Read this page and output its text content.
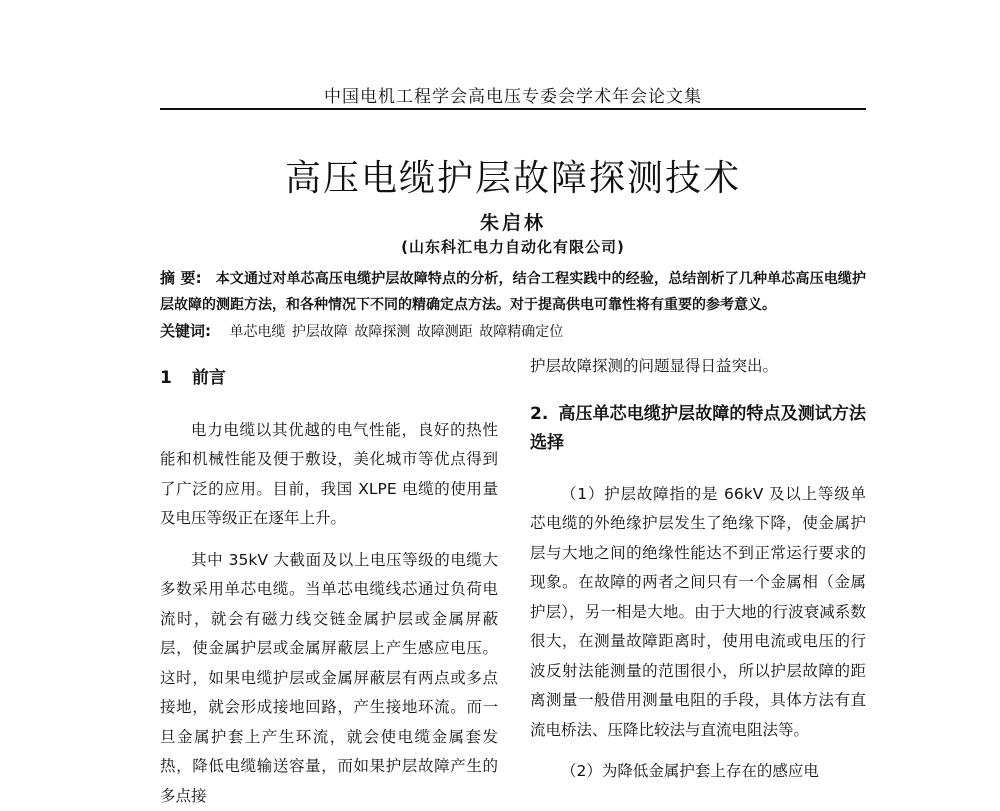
中国电机工程学会高电压专委会学术年会论文集
高压电缆护层故障探测技术
朱启林
(山东科汇电力自动化有限公司)

摘 要: 本文通过对单芯高压电缆护层故障特点的分析，结合工程实践中的经验，总结剖析了几种单芯高压电缆护层故障的测距方法，和各种情况下不同的精确定点方法。对于提高供电可靠性将有重要的参考意义。

关键词: 单芯电缆 护层故障 故障探测 故障测距 故障精确定位

1 前言

电力电缆以其优越的电气性能，良好的热性能和机械性能及便于敷设，美化城市等优点得到了广泛的应用。目前，我国 XLPE 电缆的使用量及电压等级正在逐年上升。

其中 35kV 大截面及以上电压等级的电缆大多数采用单芯电缆。当单芯电缆线芯通过负荷电流时，就会有磁力线交链金属护层或金属屏蔽层，使金属护层或金属屏蔽层上产生感应电压。这时，如果电缆护层或金属屏蔽层有两点或多点接地，就会形成接地回路，产生接地环流。而一旦金属护套上产生环流，就会使电缆金属套发热，降低电缆输送容量，而如果护层故障产生的多点接

护层故障探测的问题显得日益突出。

2. 高压单芯电缆护层故障的特点及测试方法选择

（1）护层故障指的是 66kV 及以上等级单芯电缆的外绝缘护层发生了绝缘下降，使金属护层与大地之间的绝缘性能达不到正常运行要求的现象。在故障的两者之间只有一个金属相（金属护层），另一相是大地。由于大地的行波衰减系数很大，在测量故障距离时，使用电流或电压的行波反射法能测量的范围很小，所以护层故障的距离测量一般借用测量电阻的手段，具体方法有直流电桥法、压降比较法与直流电阻法等。

（2）为降低金属护套上存在的感应电
